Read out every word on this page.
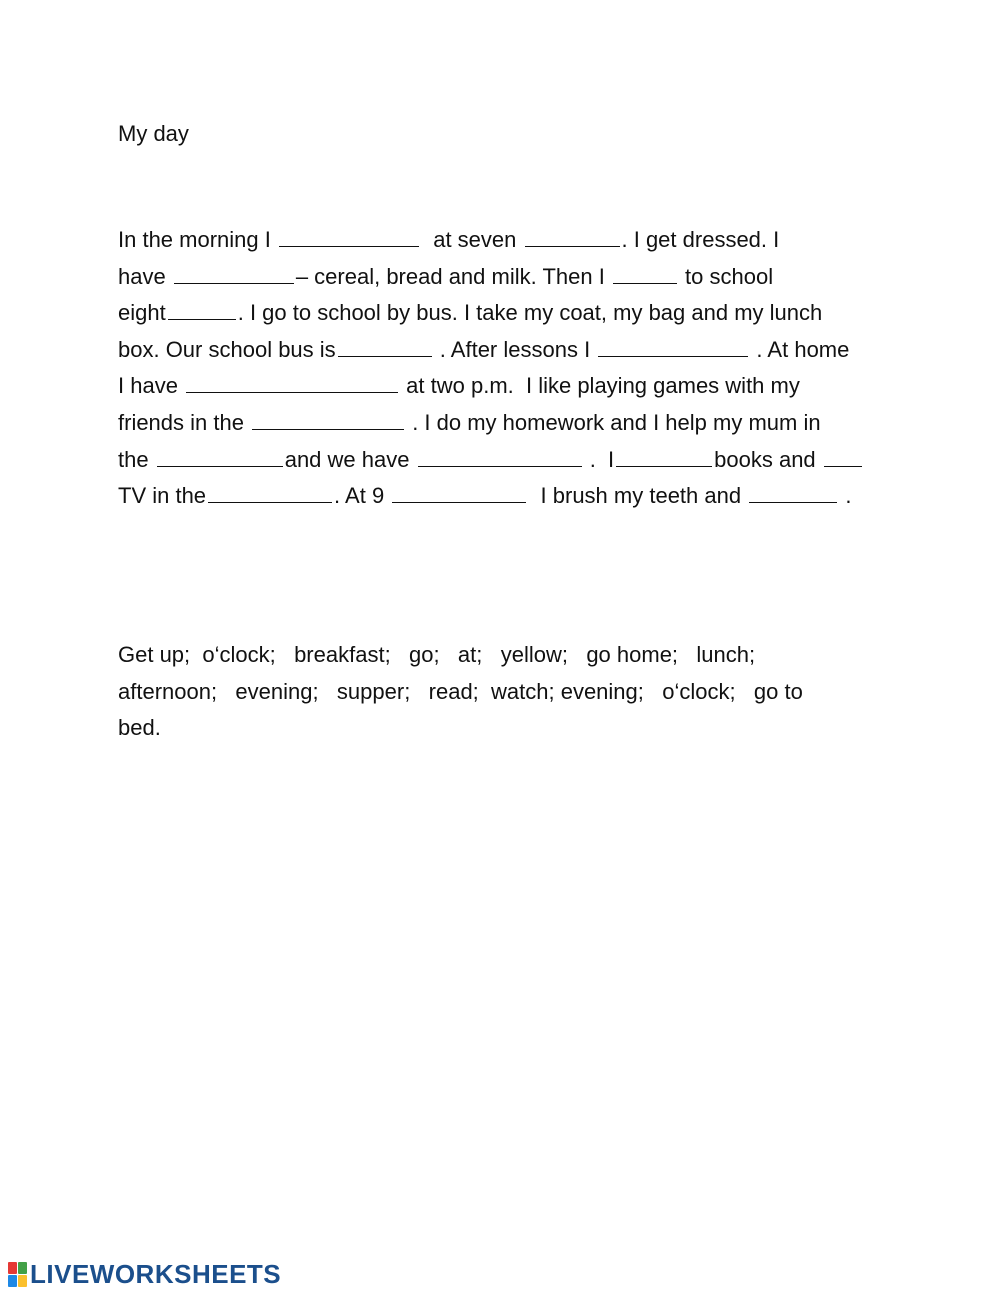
My day
In the morning I	at seven	. I get dressed. I
have	– cereal, bread and milk. Then I	to school
eight	. I go to school by bus. I take my coat, my bag and my lunch
box. Our school bus is	. After lessons I	. At home
I have	at two p.m.  I like playing games with my
friends in the	. I do my homework and I help my mum in
the	and we have	.  I	books and
TV in the	. At 9	I brush my teeth and	.
Get up;  o‘clock;   breakfast;   go;   at;   yellow;   go home;   lunch;
afternoon;   evening;   supper;   read;  watch; evening;   o‘clock;   go to
bed.
LIVEWORKSHEETS
